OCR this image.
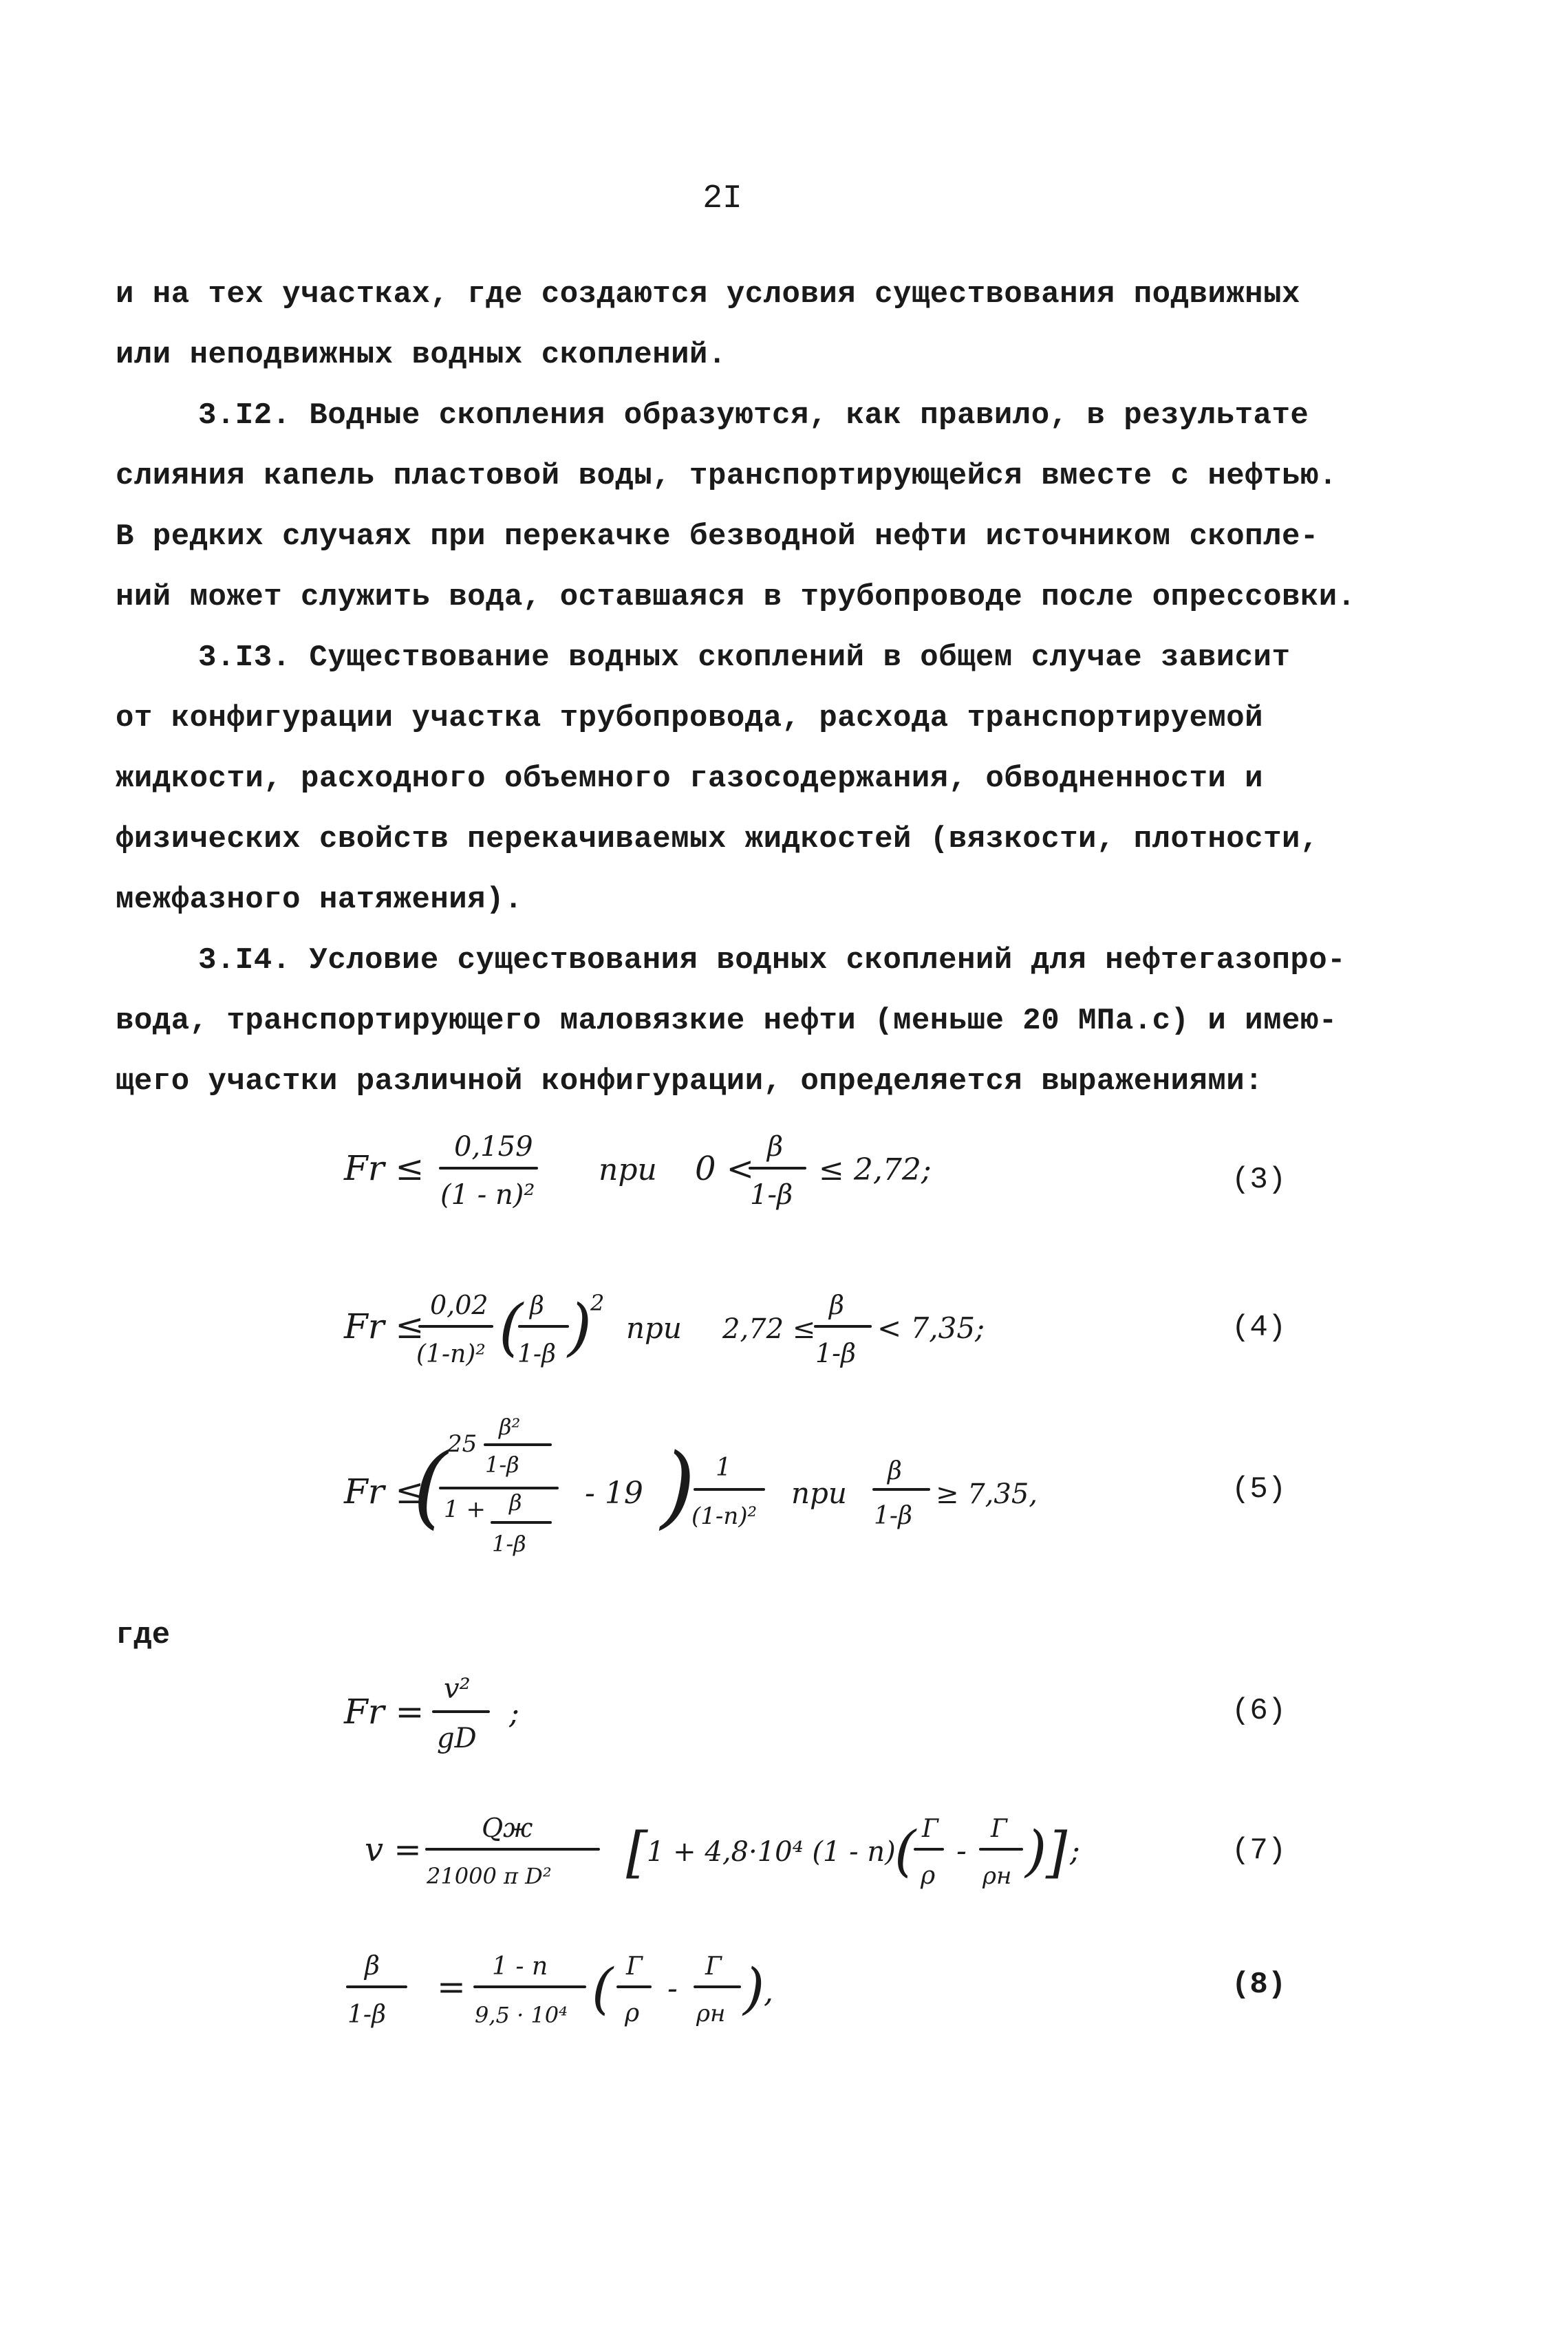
2I
и на тех участках, где создаются условия существования подвижных
или неподвижных водных скоплений.
3.I2. Водные скопления образуются, как правило, в результате
слияния капель пластовой воды, транспортирующейся вместе с нефтью.
В редких случаях при перекачке безводной нефти источником скопле-
ний может служить вода, оставшаяся в трубопроводе после опрессовки.
3.I3. Существование водных скоплений в общем случае зависит
от конфигурации участка трубопровода, расхода транспортируемой
жидкости, расходного объемного газосодержания, обводненности и
физических свойств перекачиваемых жидкостей (вязкости, плотности,
межфазного натяжения).
3.I4. Условие существования водных скоплений для нефтегазопро-
вода, транспортирующего маловязкие нефти (меньше 20 МПа.с) и имею-
щего участки различной конфигурации, определяется выражениями:
Fr ≤
0,159
(1 - n)²
при 0 <
β
1-β
≤ 2,72;	(3)
Fr ≤
0,02
(1-n)² ( β
1-β )
2
при 2,72 ≤
β
1-β
< 7,35;	(4)
Fr ≤
( 25
β²
1-β
1 + β
1-β
- 19 ) 1
(1-n)²
при
β
1-β
≥ 7,35,	(5)
где
Fr =
v²
gD
;	(6)
v =
Qж
21000 π D² [
1 + 4,8·10⁴ (1 - n)
( Г
ρ
-
Г
ρн )
] ;	(7)
β
1-β
=
1 - n
9,5 · 10⁴ ( Г
ρ
-
Г
ρн )
,	(8)
